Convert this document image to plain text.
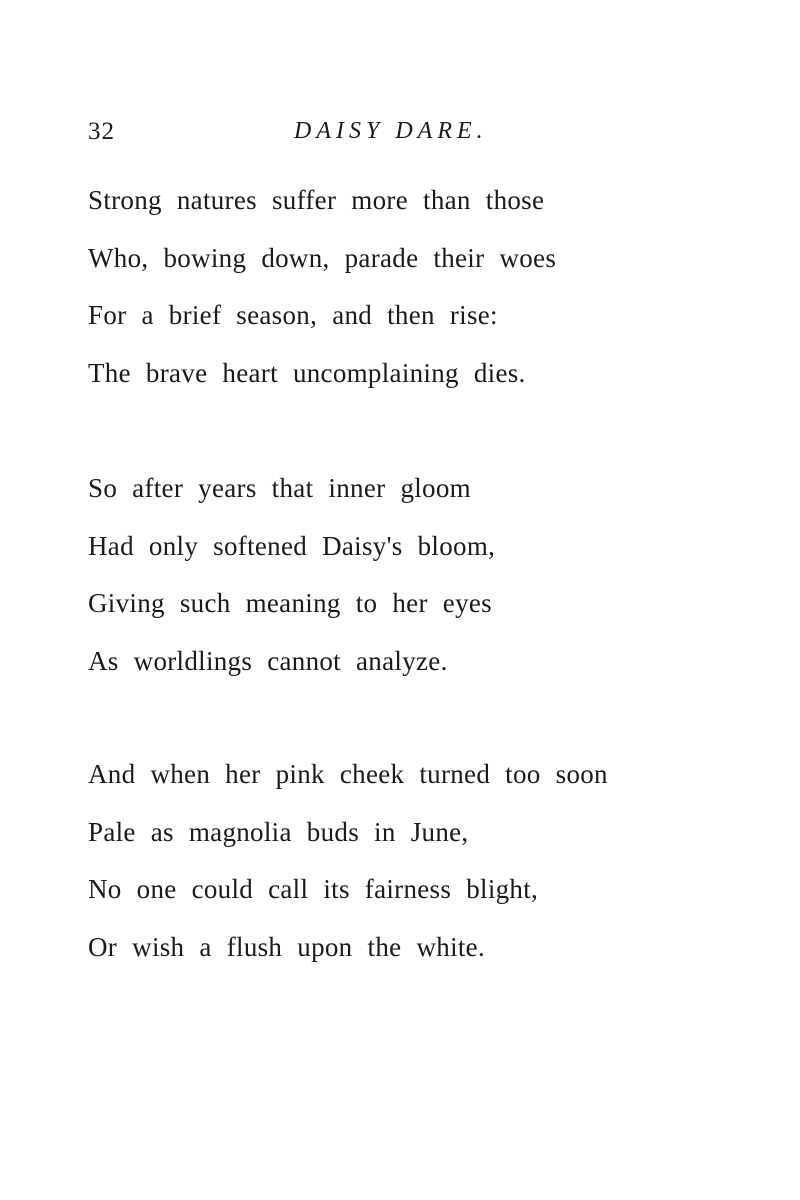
32	DAISY DARE.
Strong natures suffer more than those
Who, bowing down, parade their woes
For a brief season, and then rise:
The brave heart uncomplaining dies.
So after years that inner gloom
Had only softened Daisy's bloom,
Giving such meaning to her eyes
As worldlings cannot analyze.
And when her pink cheek turned too soon
Pale as magnolia buds in June,
No one could call its fairness blight,
Or wish a flush upon the white.
